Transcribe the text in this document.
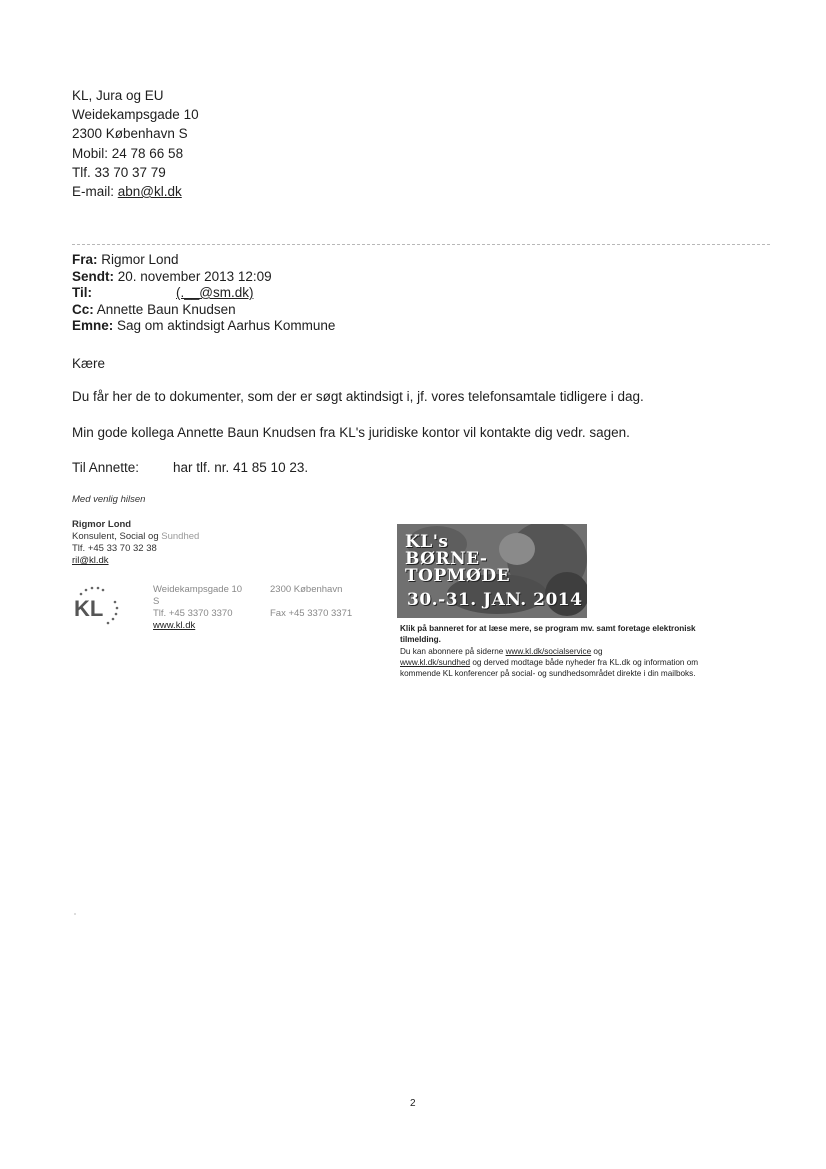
KL, Jura og EU
Weidekampsgade 10
2300 København S
Mobil: 24 78 66 58
Tlf. 33 70 37 79
E-mail: abn@kl.dk
Fra: Rigmor Lond
Sendt: 20. november 2013 12:09
Til:	(.__@sm.dk)
Cc: Annette Baun Knudsen
Emne: Sag om aktindsigt Aarhus Kommune
Kære
Du får her de to dokumenter, som der er søgt aktindsigt i, jf. vores telefonsamtale tidligere i dag.
Min gode kollega Annette Baun Knudsen fra KL's juridiske kontor vil kontakte dig vedr. sagen.
Til Annette:	har tlf. nr. 41 85 10 23.
Med venlig hilsen
Rigmor Lond
Konsulent, Social og Sundhed
Tlf. +45 33 70 32 38
ril@kl.dk
KL
Weidekampsgade 10	2300 København
S
Tlf. +45 3370 3370	Fax +45 3370 3371
www.kl.dk
KL's
BØRNE-
TOPMØDE
30.-31. JAN. 2014
Klik på banneret for at læse mere, se program mv. samt foretage elektronisk tilmelding.
Du kan abonnere på siderne www.kl.dk/socialservice og
www.kl.dk/sundhed og derved modtage både nyheder fra KL.dk og information om kommende KL konferencer på social- og sundhedsområdet direkte i din mailboks.
2
